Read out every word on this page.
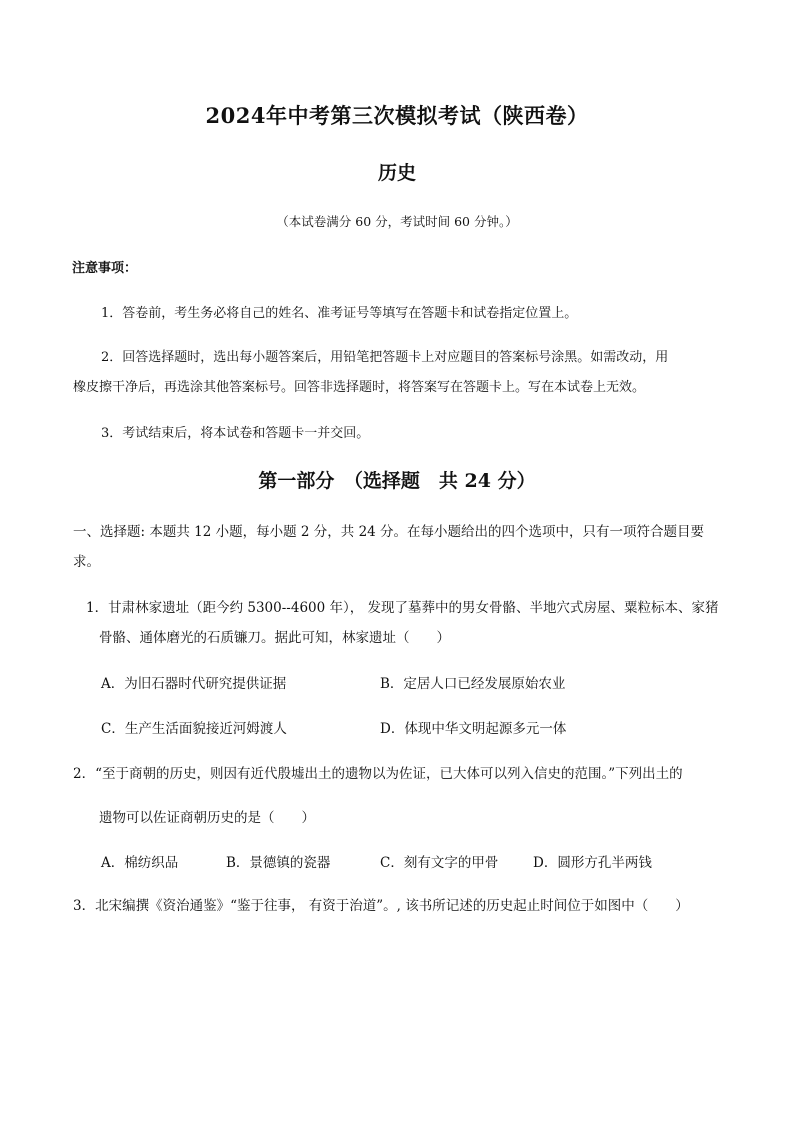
2024年中考第三次模拟考试（陕西卷）
历史
（本试卷满分 60 分，考试时间 60 分钟。）
注意事项：
1．答卷前，考生务必将自己的姓名、准考证号等填写在答题卡和试卷指定位置上。
2．回答选择题时，选出每小题答案后，用铅笔把答题卡上对应题目的答案标号涂黑。如需改动，用
橡皮擦干净后，再选涂其他答案标号。回答非选择题时，将答案写在答题卡上。写在本试卷上无效。
3．考试结束后，将本试卷和答题卡一并交回。
第一部分　（选择题　共 24 分）
一、选择题: 本题共 12 小题，每小题 2 分，共 24 分。在每小题给出的四个选项中，只有一项符合题目要
求。
1．甘肃林家遗址（距今约 5300--4600 年）， 发现了墓葬中的男女骨骼、半地穴式房屋、粟粒标本、家猪
骨骼、通体磨光的石质镰刀。据此可知，林家遗址（　　）
A．为旧石器时代研究提供证据	B．定居人口已经发展原始农业
C．生产生活面貌接近河姆渡人	D．体现中华文明起源多元一体
2．“至于商朝的历史，则因有近代殷墟出土的遗物以为佐证，已大体可以列入信史的范围。”下列出土的
遗物可以佐证商朝历史的是（　　）
A．棉纺织品	B．景德镇的瓷器	C．刻有文字的甲骨	D．圆形方孔半两钱
3．北宋编撰《资治通鉴》“鉴于往事， 有资于治道”。, 该书所记述的历史起止时间位于如图中（　　）
